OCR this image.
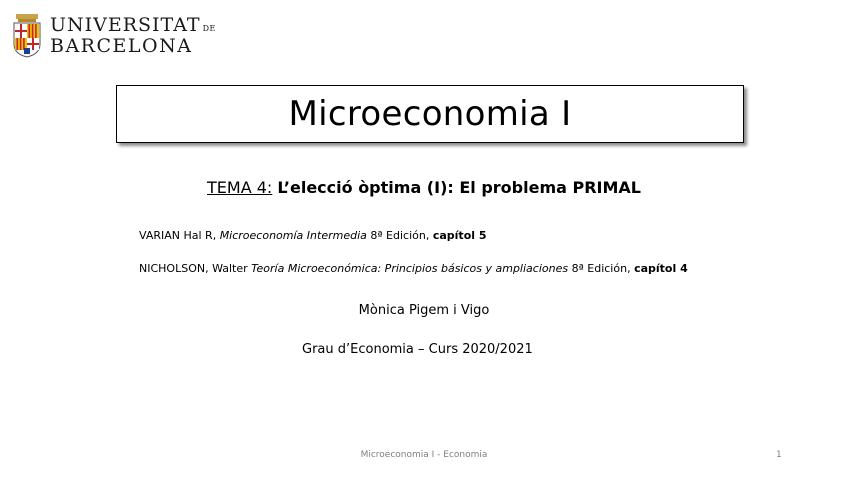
UNIVERSITAT DE
BARCELONA
Microeconomia I
TEMA 4: L’elecció òptima (I): El problema PRIMAL
VARIAN Hal R, Microeconomía Intermedia 8ª Edición, capítol 5
NICHOLSON, Walter Teoría Microeconómica: Principios básicos y ampliaciones 8ª Edición, capítol 4
Mònica Pigem i Vigo
Grau d’Economia – Curs 2020/2021
Microeconomia I - Economia	1
